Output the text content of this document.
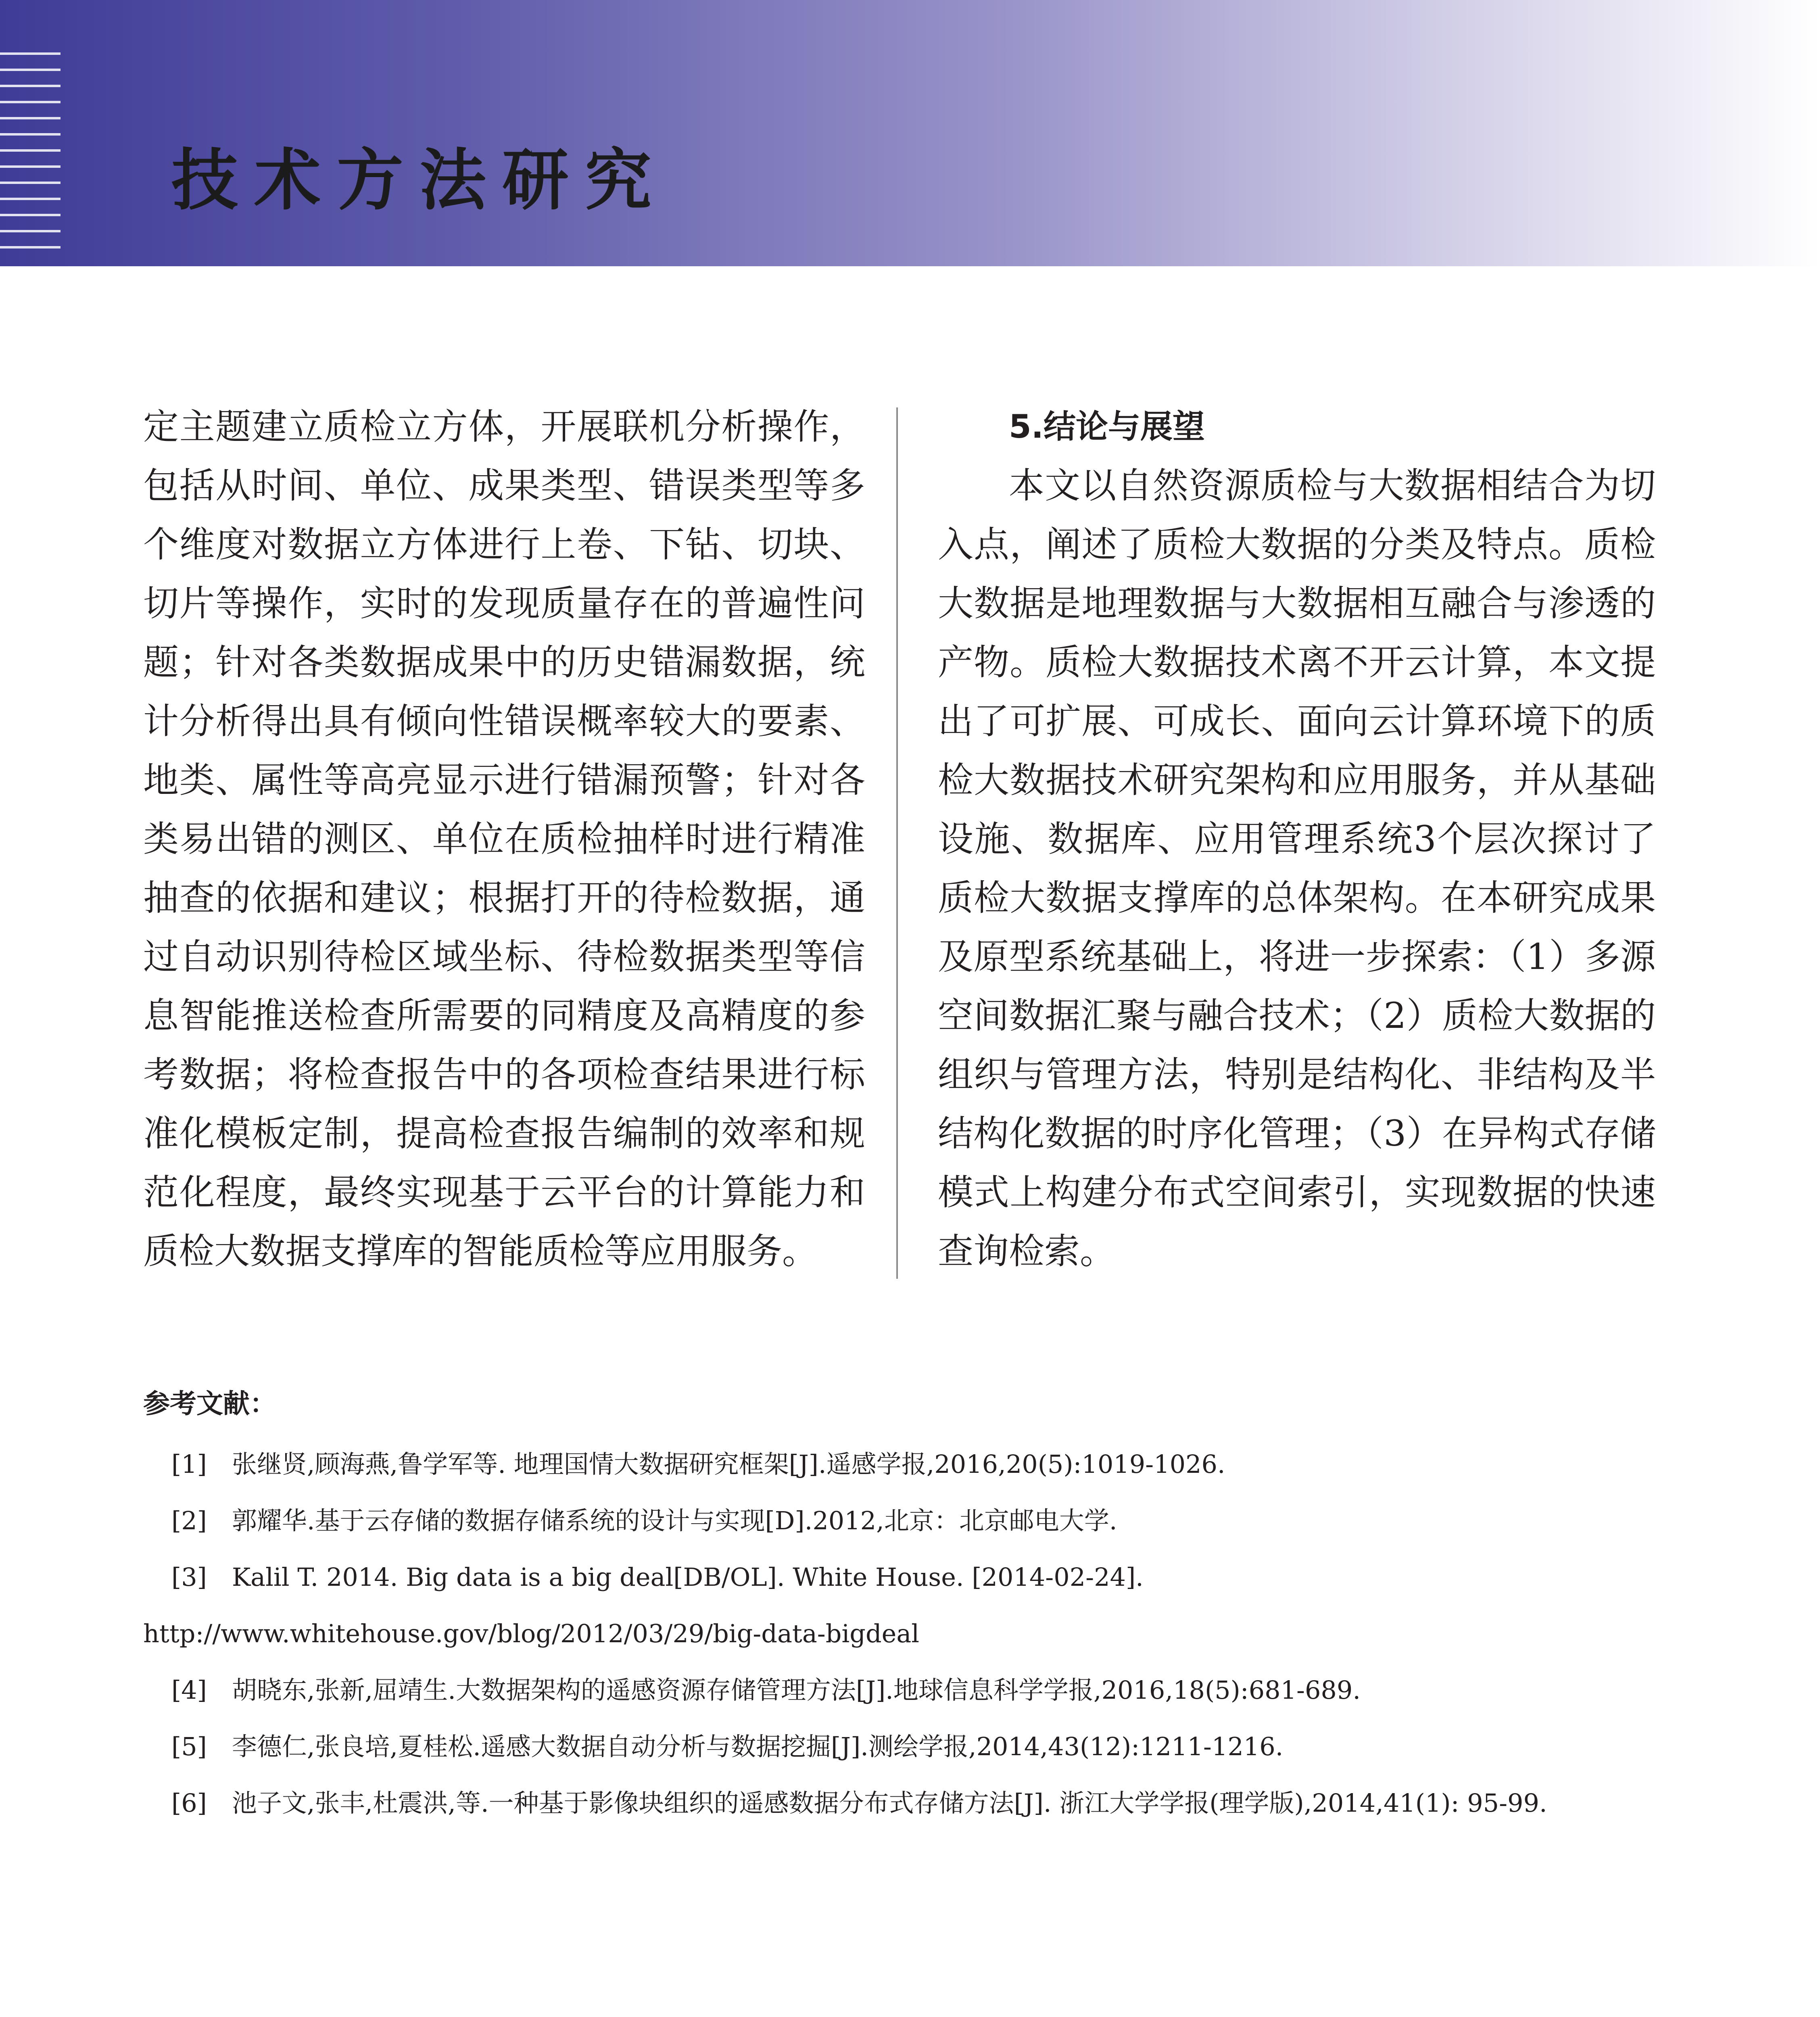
技术方法研究

定主题建立质检立方体，开展联机分析操作，包括从时间、单位、成果类型、错误类型等多个维度对数据立方体进行上卷、下钻、切块、切片等操作，实时的发现质量存在的普遍性问题；针对各类数据成果中的历史错漏数据，统计分析得出具有倾向性错误概率较大的要素、地类、属性等高亮显示进行错漏预警；针对各类易出错的测区、单位在质检抽样时进行精准抽查的依据和建议；根据打开的待检数据，通过自动识别待检区域坐标、待检数据类型等信息智能推送检查所需要的同精度及高精度的参考数据；将检查报告中的各项检查结果进行标准化模板定制，提高检查报告编制的效率和规范化程度，最终实现基于云平台的计算能力和质检大数据支撑库的智能质检等应用服务。

5.结论与展望

本文以自然资源质检与大数据相结合为切入点，阐述了质检大数据的分类及特点。质检大数据是地理数据与大数据相互融合与渗透的产物。质检大数据技术离不开云计算，本文提出了可扩展、可成长、面向云计算环境下的质检大数据技术研究架构和应用服务，并从基础设施、数据库、应用管理系统3个层次探讨了质检大数据支撑库的总体架构。在本研究成果及原型系统基础上，将进一步探索：（1）多源空间数据汇聚与融合技术；（2）质检大数据的组织与管理方法，特别是结构化、非结构及半结构化数据的时序化管理；（3）在异构式存储模式上构建分布式空间索引，实现数据的快速查询检索。

参考文献：

[1]　张继贤,顾海燕,鲁学军等. 地理国情大数据研究框架[J].遥感学报,2016,20(5):1019-1026.

[2]　郭耀华.基于云存储的数据存储系统的设计与实现[D].2012,北京：北京邮电大学.

[3]　Kalil T. 2014. Big data is a big deal[DB/OL]. White House. [2014-02-24]. http://www.whitehouse.gov/blog/2012/03/29/big-data-bigdeal

[4]　胡晓东,张新,屈靖生.大数据架构的遥感资源存储管理方法[J].地球信息科学学报,2016,18(5):681-689.

[5]　李德仁,张良培,夏桂松.遥感大数据自动分析与数据挖掘[J].测绘学报,2014,43(12):1211-1216.

[6]　池子文,张丰,杜震洪,等.一种基于影像块组织的遥感数据分布式存储方法[J]. 浙江大学学报(理学版),2014,41(1): 95-99.
